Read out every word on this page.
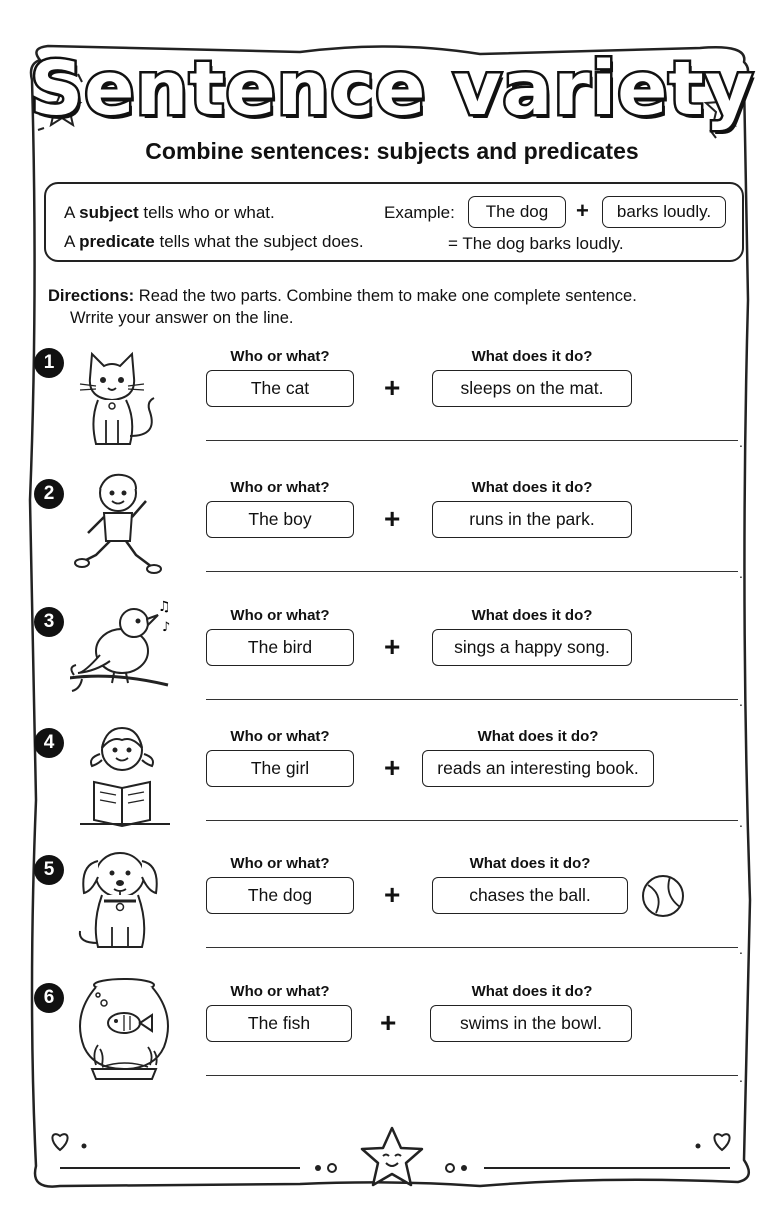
Sentence variety
Combine sentences: subjects and predicates
A subject tells who or what.
A predicate tells what the subject does.
Example:	The dog	+	barks loudly.
= The dog barks loudly.
Directions: Read the two parts. Combine them to make one complete sentence.
Wrrite your answer on the line.
1	Who or what?	What does it do?
The cat	+	sleeps on the mat.
.
2	Who or what?	What does it do?
The boy	+	runs in the park.
.
3
♫
♪
Who or what?	What does it do?
The bird	+	sings a happy song.
.
4	Who or what?	What does it do?
The girl	+	reads an interesting book.
.
5	Who or what?	What does it do?
The dog	+	chases the ball.
.
6	Who or what?	What does it do?
The fish	+	swims in the bowl.
.
